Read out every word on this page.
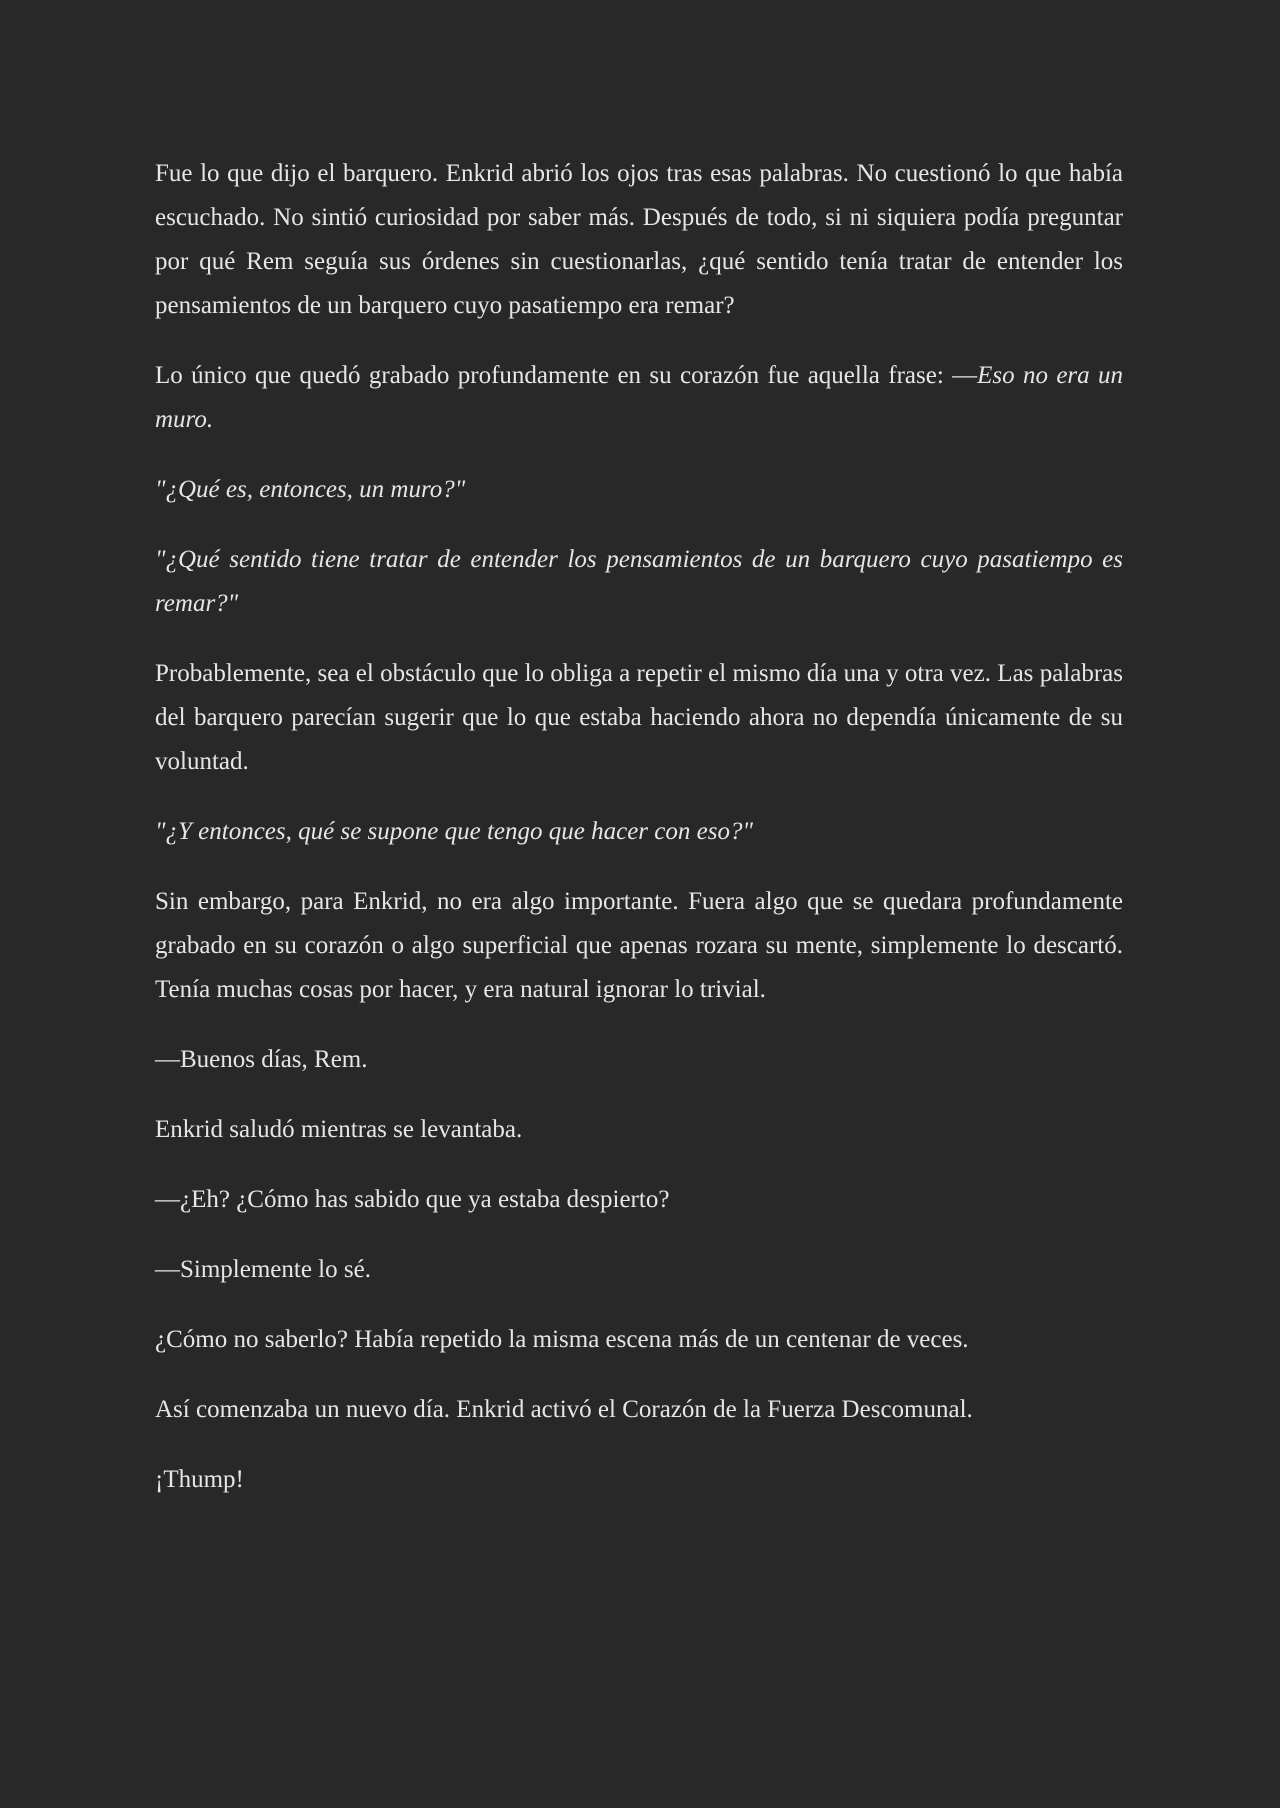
Fue lo que dijo el barquero. Enkrid abrió los ojos tras esas palabras. No cuestionó lo que había escuchado. No sintió curiosidad por saber más. Después de todo, si ni siquiera podía preguntar por qué Rem seguía sus órdenes sin cuestionarlas, ¿qué sentido tenía tratar de entender los pensamientos de un barquero cuyo pasatiempo era remar?

Lo único que quedó grabado profundamente en su corazón fue aquella frase: —Eso no era un muro.

"¿Qué es, entonces, un muro?"

"¿Qué sentido tiene tratar de entender los pensamientos de un barquero cuyo pasatiempo es remar?"

Probablemente, sea el obstáculo que lo obliga a repetir el mismo día una y otra vez. Las palabras del barquero parecían sugerir que lo que estaba haciendo ahora no dependía únicamente de su voluntad.

"¿Y entonces, qué se supone que tengo que hacer con eso?"

Sin embargo, para Enkrid, no era algo importante. Fuera algo que se quedara profundamente grabado en su corazón o algo superficial que apenas rozara su mente, simplemente lo descartó. Tenía muchas cosas por hacer, y era natural ignorar lo trivial.

—Buenos días, Rem.

Enkrid saludó mientras se levantaba.

—¿Eh? ¿Cómo has sabido que ya estaba despierto?

—Simplemente lo sé.

¿Cómo no saberlo? Había repetido la misma escena más de un centenar de veces.

Así comenzaba un nuevo día. Enkrid activó el Corazón de la Fuerza Descomunal.

¡Thump!
